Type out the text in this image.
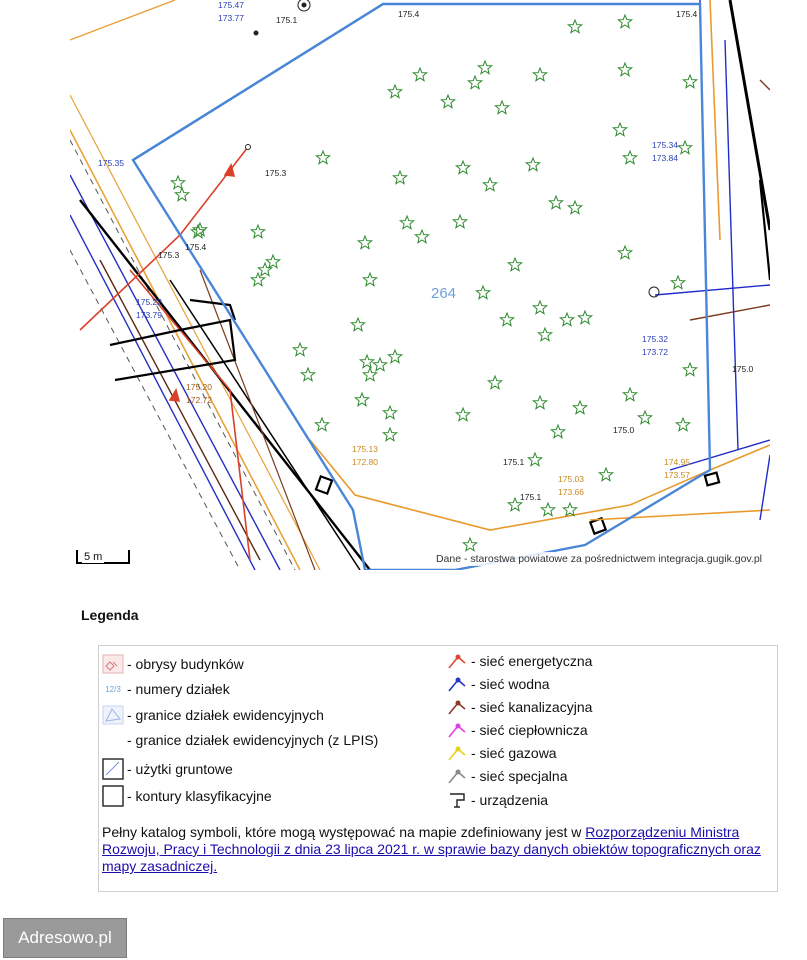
175.4	175.4
175.3
175.4
175.3
175.1
175.0
175.0
175.1
175.1
175.47
173.77
175.35
175.22
173.79
175.34
173.84
175.32
173.72
175.20
172.72
175.13
172.80
175.03
173.66
174.95
173.57
264
5 m	Dane - starostwa powiatowe za pośrednictwem integracja.gugik.gov.pl
Legenda
- obrysy budynków
12/3 - numery działek
- granice działek ewidencyjnych
- granice działek ewidencyjnych (z LPIS)
- użytki gruntowe
- kontury klasyfikacyjne
- sieć energetyczna
- sieć wodna
- sieć kanalizacyjna
- sieć ciepłownicza
- sieć gazowa
- sieć specjalna
- urządzenia
Pełny katalog symboli, które mogą występować na mapie zdefiniowany jest w Rozporządzeniu Ministra Rozwoju, Pracy i Technologii z dnia 23 lipca 2021 r. w sprawie bazy danych obiektów topograficznych oraz mapy zasadniczej.
Adresowo.pl
